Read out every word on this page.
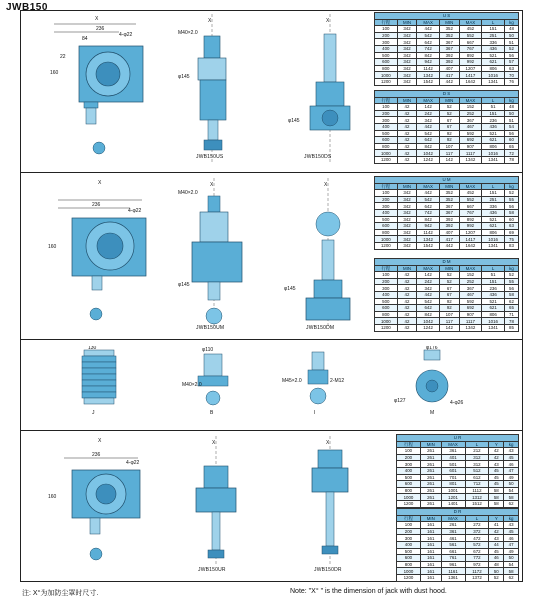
JWB150
X
236
4-φ22
84
160
22
X
M40×2.0
φ145
JWB150US
X
φ145
JWB150DS
U S						
行程	MIN	MAX	MIN	MAX	L	kg
100	342	442	352	452	151	48
200	342	542	352	552	251	50
300	342	642	367	667	336	51
400	342	742	367	767	436	52
500	342	842	392	892	521	56
600	342	942	392	992	621	57
800	342	1142	407	1207	806	63
1000	342	1342	417	1417	1016	70
1200	342	1542	442	1642	1341	76
D S						
行程	MIN	MAX	MIN	MAX	L	kg
100	42	142	52	152	51	48
200	42	242	52	252	151	50
300	42	342	67	367	236	51
400	42	442	67	467	436	54
500	42	542	92	592	521	56
600	42	642	92	692	621	60
800	42	842	107	907	806	65
1000	42	1042	117	1117	1016	72
1200	42	1242	142	1342	1341	78
X
236
4-φ22
160
X
M40×2.0
φ145
JWB150UM
X
φ145
JWB150DM
U M						
行程	MIN	MAX	MIN	MAX	L	kg
100	342	442	352	452	151	52
200	342	542	352	552	251	55
300	342	642	367	667	336	56
400	342	742	367	767	436	58
500	342	842	392	892	521	60
600	342	942	392	992	621	63
800	342	1142	407	1207	806	69
1000	342	1342	417	1417	1016	75
1200	342	1542	442	1642	1341	83
D M						
行程	MIN	MAX	MIN	MAX	L	kg
100	42	142	52	152	51	52
200	42	242	52	252	151	55
300	42	342	67	367	236	56
400	42	442	67	467	436	58
500	42	542	92	592	521	62
600	42	642	92	692	621	65
800	42	842	107	907	806	71
1000	42	1042	117	1117	1016	78
1200	42	1242	142	1342	1341	85
130
J
φ110
M40×2.0
B
M45×2.0	2-M12
I
φ176
φ127	4-φ26
M
X
236
4-φ22
160
X
JWB150UR
X
JWB150DR
U R					
行程	MIN	MAX	L	Y	kg
100	261	361	212	42	43
200	261	401	312	42	45
300	261	501	312	43	46
400	261	601	512	45	47
500	261	701	612	45	49
600	261	801	712	45	50
800	261	1001	1112	58	54
1000	261	1201	1312	58	58
1200	261	1401	1512	58	62
D R					
行程	MIN	MAX	L	Y	kg
100	161	261	272	41	43
200	161	361	372	42	45
300	161	461	472	43	46
400	161	561	572	44	47
500	161	661	672	45	49
600	161	761	772	46	50
800	161	961	972	48	54
1000	161	1161	1172	50	58
1200	161	1361	1372	52	62
注: X°为加防尘罩时尺寸.	Note: "X° " is the dimension of jack with dust hood.
